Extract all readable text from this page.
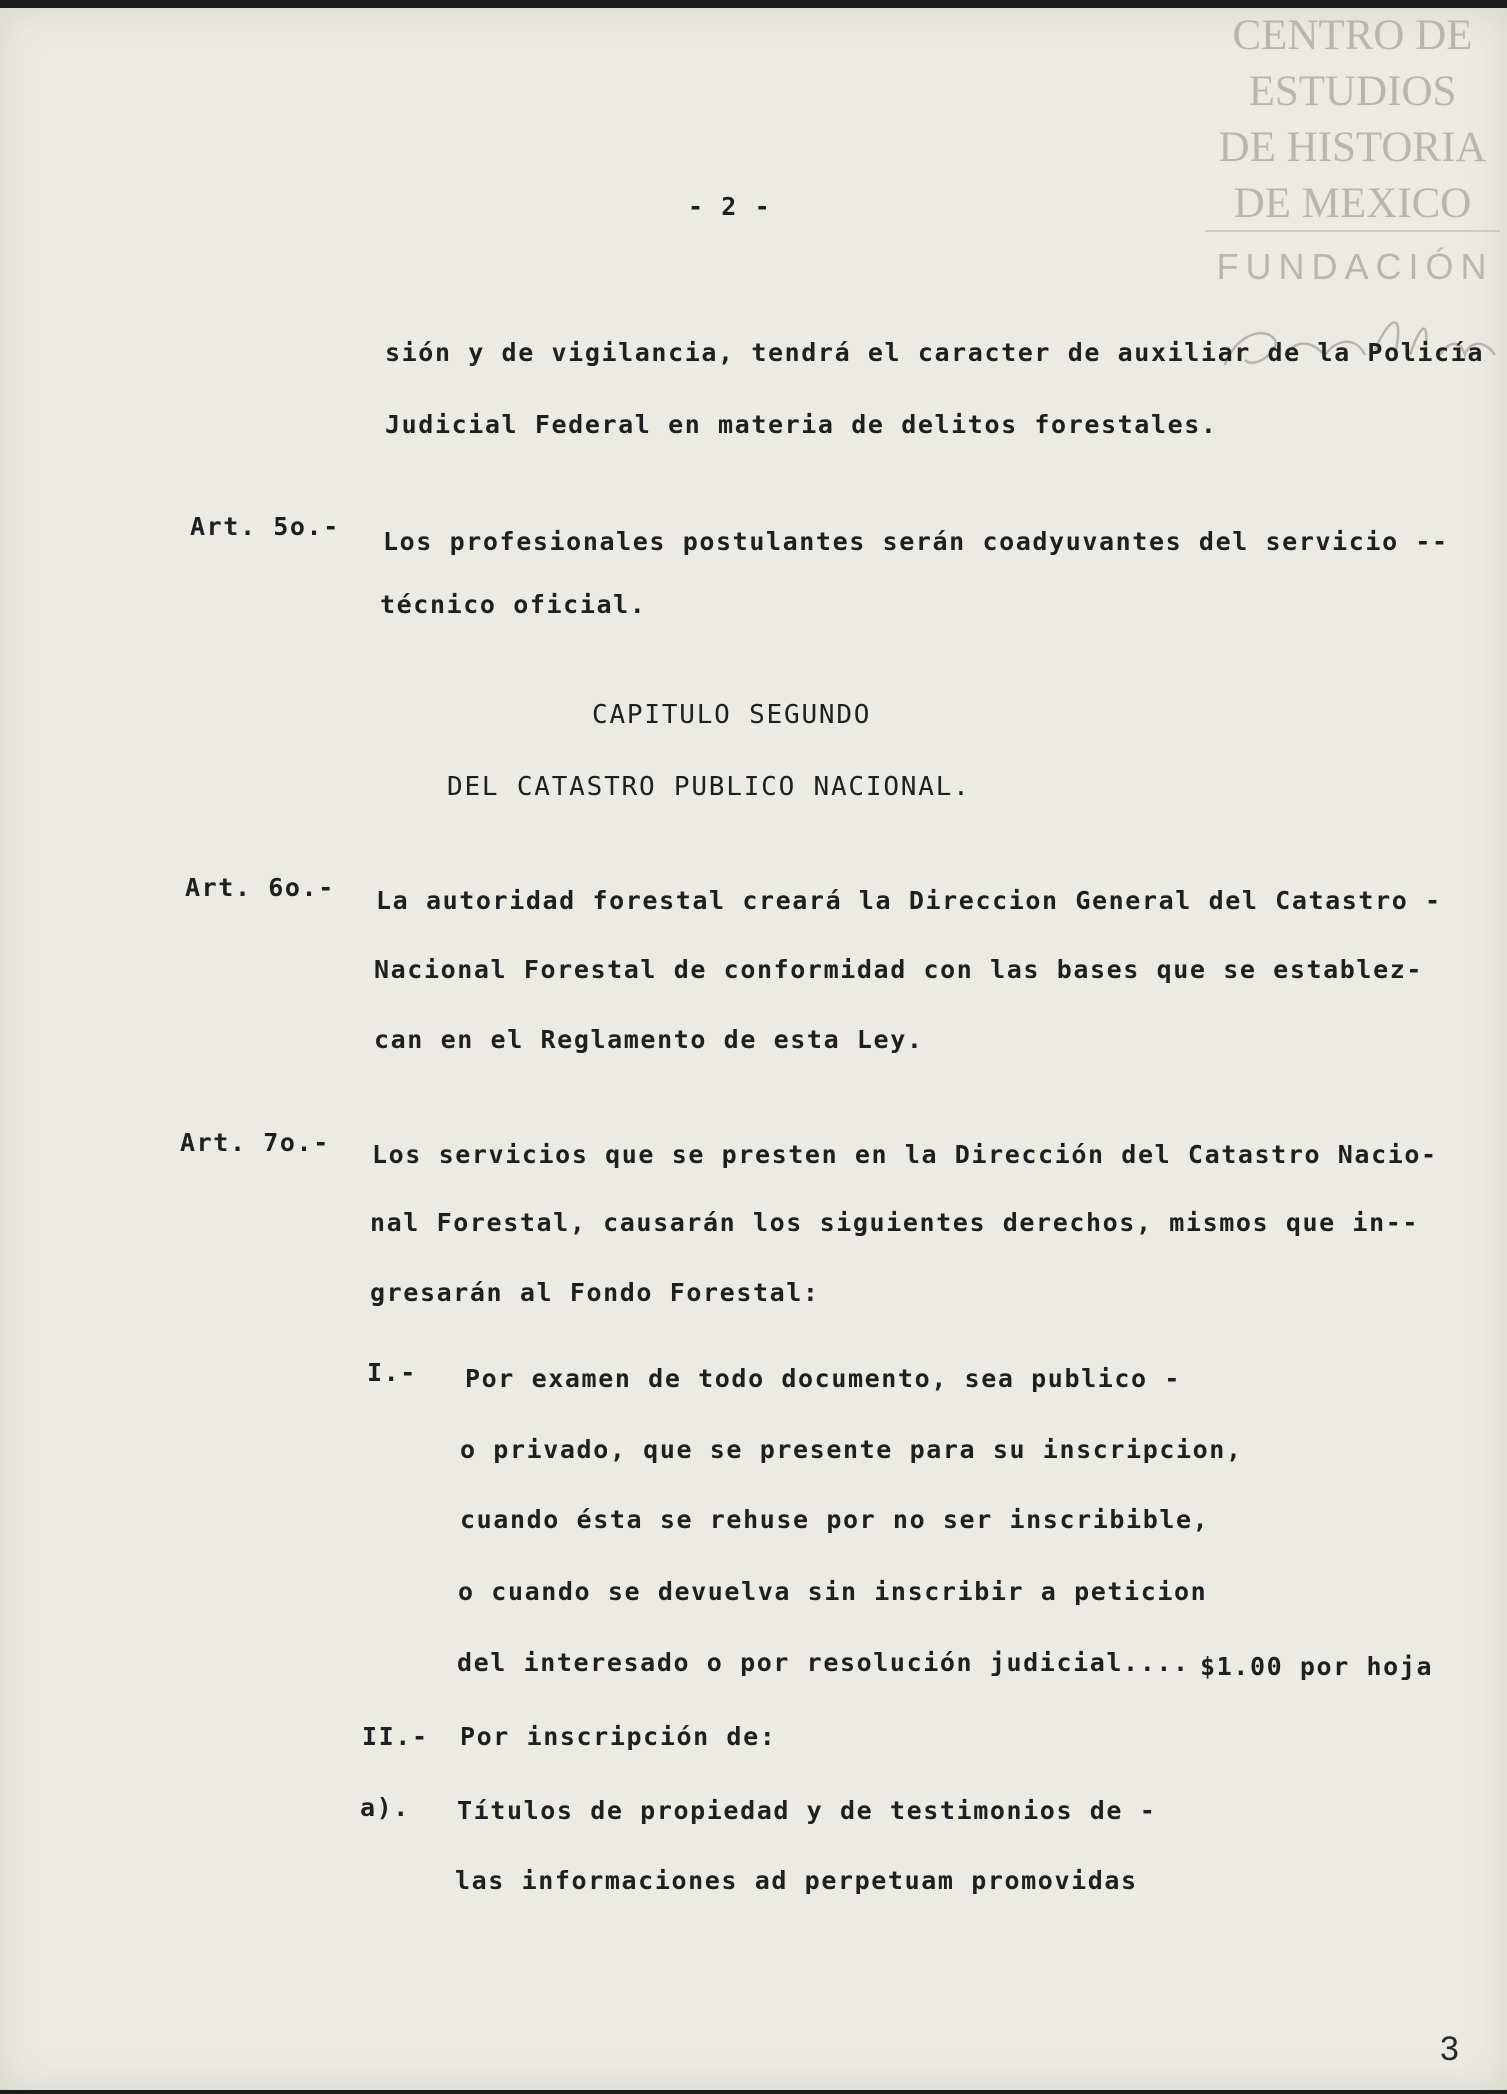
CENTRO DE
ESTUDIOS
DE HISTORIA
DE MEXICO
FUNDACIÓN
- 2 -
sión y de vigilancia, tendrá el caracter de auxiliar de la Policía
Judicial Federal en materia de delitos forestales.
Art. 5o.-
Los profesionales postulantes serán coadyuvantes del servicio --
técnico oficial.
CAPITULO SEGUNDO
DEL CATASTRO PUBLICO NACIONAL.
Art. 6o.- La autoridad forestal creará la Direccion General del Catastro -
Nacional Forestal de conformidad con las bases que se establez-
can en el Reglamento de esta Ley.
Art. 7o.- Los servicios que se presten en la Dirección del Catastro Nacio-
nal Forestal, causarán los siguientes derechos, mismos que in--
gresarán al Fondo Forestal:
I.- Por examen de todo documento, sea publico -
o privado, que se presente para su inscripcion,
cuando ésta se rehuse por no ser inscribible,
o cuando se devuelva sin inscribir a peticion
del interesado o por resolución judicial.... $1.00 por hoja
II.- Por inscripción de:
a). Títulos de propiedad y de testimonios de -
las informaciones ad perpetuam promovidas
3
